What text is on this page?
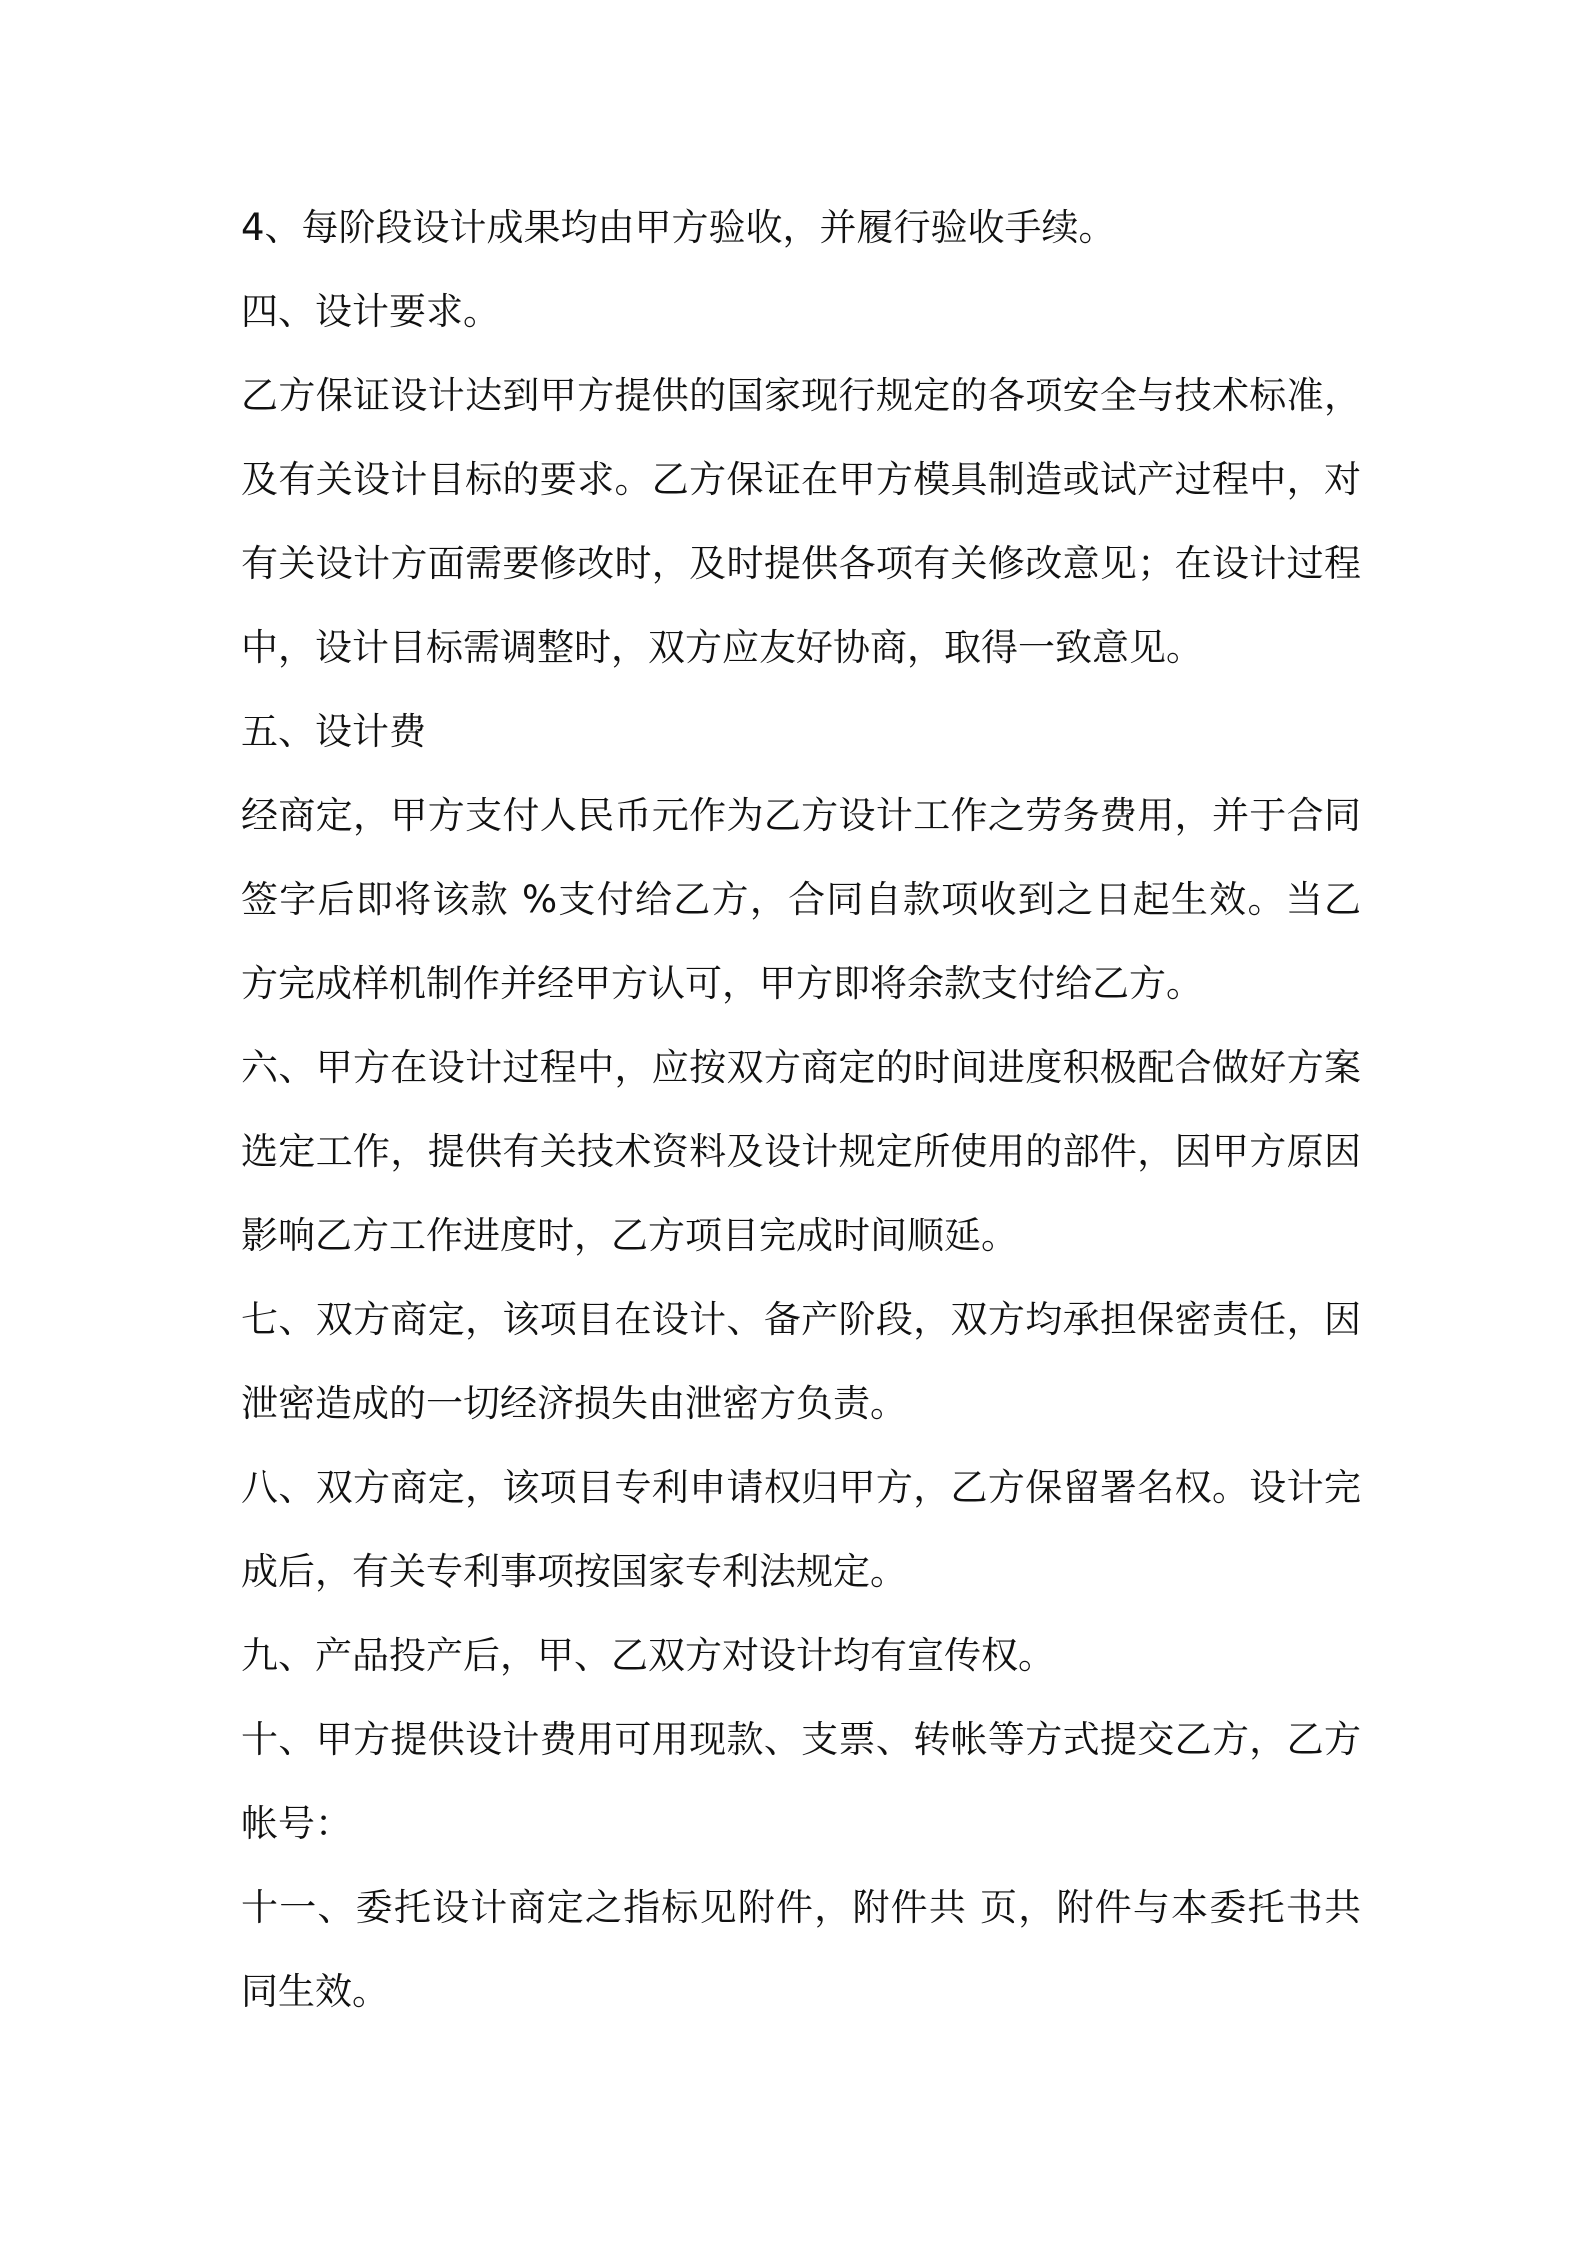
4、每阶段设计成果均由甲方验收，并履行验收手续。
四、设计要求。
乙方保证设计达到甲方提供的国家现行规定的各项安全与技术标准，
及有关设计目标的要求。乙方保证在甲方模具制造或试产过程中，对
有关设计方面需要修改时，及时提供各项有关修改意见；在设计过程
中，设计目标需调整时，双方应友好协商，取得一致意见。
五、设计费
经商定，甲方支付人民币元作为乙方设计工作之劳务费用，并于合同
签字后即将该款 %支付给乙方，合同自款项收到之日起生效。当乙
方完成样机制作并经甲方认可，甲方即将余款支付给乙方。
六、甲方在设计过程中，应按双方商定的时间进度积极配合做好方案
选定工作，提供有关技术资料及设计规定所使用的部件，因甲方原因
影响乙方工作进度时，乙方项目完成时间顺延。
七、双方商定，该项目在设计、备产阶段，双方均承担保密责任，因
泄密造成的一切经济损失由泄密方负责。
八、双方商定，该项目专利申请权归甲方，乙方保留署名权。设计完
成后，有关专利事项按国家专利法规定。
九、产品投产后，甲、乙双方对设计均有宣传权。
十、甲方提供设计费用可用现款、支票、转帐等方式提交乙方，乙方
帐号：
十一、委托设计商定之指标见附件，附件共 页，附件与本委托书共
同生效。
